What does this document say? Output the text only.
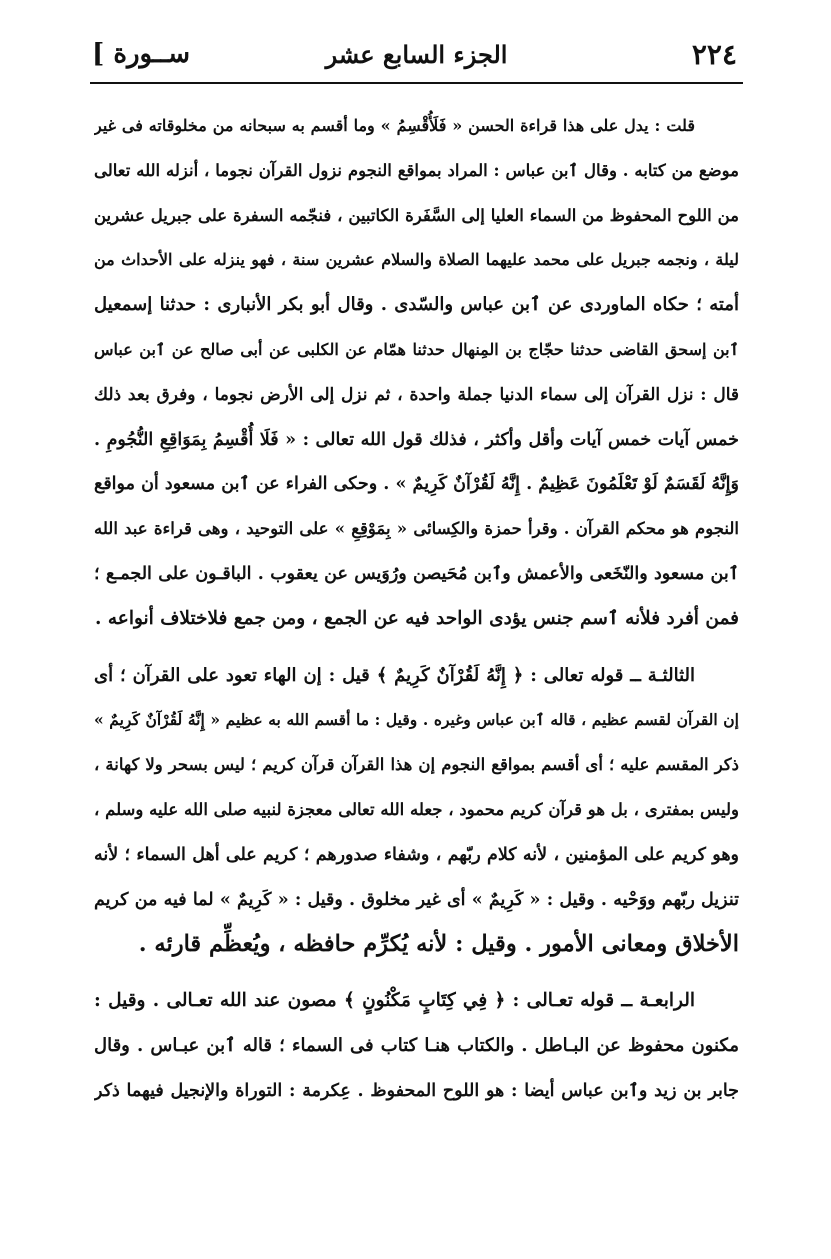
[ ســورة	الجزء السابع عشر	٢٢٤
قلت : يدل على هذا قراءة الحسن « فَلَأُقْسِمُ » وما أقسم به سبحانه من مخلوقاته فى غير
موضع من كتابه . وقال ٱبن عباس : المراد بمواقع النجوم نزول القرآن نجوما ، أنزله الله تعالى
من اللوح المحفوظ من السماء العليا إلى السَّفَرة الكاتبين ، فنجّمه السفرة على جبريل عشرين
ليلة ، ونجمه جبريل على محمد عليهما الصلاة والسلام عشرين سنة ، فهو ينزله على الأحداث من
أمته ؛ حكاه الماوردى عن ٱبن عباس والسّدى . وقال أبو بكر الأنبارى : حدثنا إسمعيل
ٱبن إسحق القاضى حدثنا حجّاج بن المِنهال حدثنا همّام عن الكلبى عن أبى صالح عن ٱبن عباس
قال : نزل القرآن إلى سماء الدنيا جملة واحدة ، ثم نزل إلى الأرض نجوما ، وفرق بعد ذلك
خمس آيات خمس آيات وأقل وأكثر ، فذلك قول الله تعالى : « فَلَا أُقْسِمُ بِمَوَاقِعِ النُّجُومِ .
وَإِنَّهُ لَقَسَمٌ لَوْ تَعْلَمُونَ عَظِيمٌ . إِنَّهُ لَقُرْآنٌ كَرِيمٌ » . وحكى الفراء عن ٱبن مسعود أن مواقع
النجوم هو محكم القرآن . وقرأ حمزة والكِسائى « بِمَوْقِعِ » على التوحيد ، وهى قراءة عبد الله
ٱبن مسعود والنّخَعى والأعمش وٱبن مُحَيصن ورُوَيس عن يعقوب . الباقـون على الجمـع ؛
فمن أفرد فلأنه ٱسم جنس يؤدى الواحد فيه عن الجمع ، ومن جمع فلاختلاف أنواعه .
الثالثـة ــ قوله تعالى : ﴿ إِنَّهُ لَقُرْآنٌ كَرِيمٌ ﴾ قيل : إن الهاء تعود على القرآن ؛ أى
إن القرآن لقسم عظيم ، قاله ٱبن عباس وغيره . وقيل : ما أقسم الله به عظيم « إِنَّهُ لَقُرْآنٌ كَرِيمٌ »
ذكر المقسم عليه ؛ أى أقسم بمواقع النجوم إن هذا القرآن قرآن كريم ؛ ليس بسحر ولا كهانة ،
وليس بمفترى ، بل هو قرآن كريم محمود ، جعله الله تعالى معجزة لنبيه صلى الله عليه وسلم ،
وهو كريم على المؤمنين ، لأنه كلام ربّهم ، وشفاء صدورهم ؛ كريم على أهل السماء ؛ لأنه
تنزيل ربّهم ووَحْيه . وقيل : « كَرِيمٌ » أى غير مخلوق . وقيل : « كَرِيمٌ » لما فيه من كريم
الأخلاق ومعانى الأمور . وقيل : لأنه يُكرِّم حافظه ، ويُعظِّم قارئه .
الرابعـة ــ قوله تعـالى : ﴿ فِي كِتَابٍ مَكْنُونٍ ﴾ مصون عند الله تعـالى . وقيل :
مكنون محفوظ عن البـاطل . والكتاب هنـا كتاب فى السماء ؛ قاله ٱبن عبـاس . وقال
جابر بن زيد وٱبن عباس أيضا : هو اللوح المحفوظ . عِكرمة : التوراة والإنجيل فيهما ذكر
